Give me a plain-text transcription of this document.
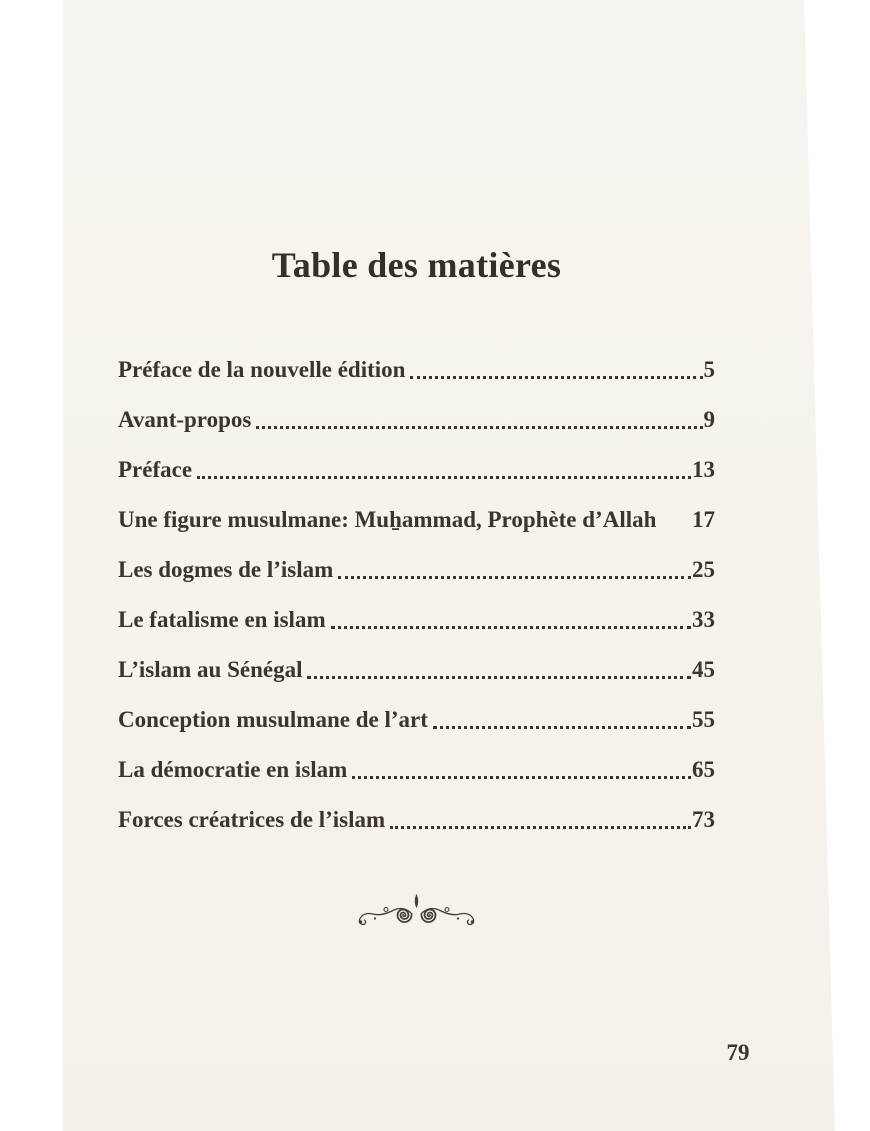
Table des matières
Préface de la nouvelle édition	5
Avant-propos	9
Préface	13
Une figure musulmane: Muẖammad, Prophète d’Allah 17
Les dogmes de l’islam	25
Le fatalisme en islam	33
L’islam au Sénégal	45
Conception musulmane de l’art	55
La démocratie en islam	65
Forces créatrices de l’islam	73
79
